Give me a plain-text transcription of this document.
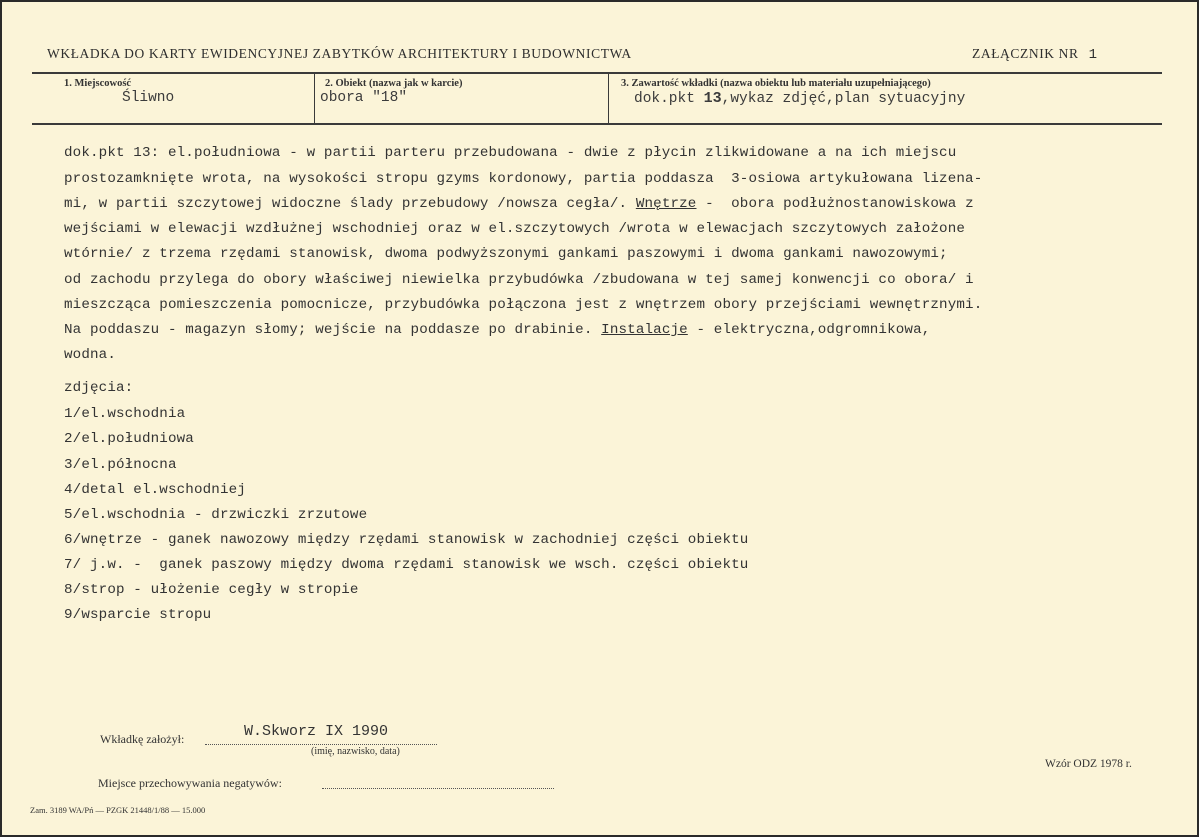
WKŁADKA DO KARTY EWIDENCYJNEJ ZABYTKÓW ARCHITEKTURY I BUDOWNICTWA	ZAŁĄCZNIK NR 1
1. Miejscowość
Śliwno
2. Obiekt (nazwa jak w karcie)
obora "18"
3. Zawartość wkładki (nazwa obiektu lub materiału uzupełniającego)
dok.pkt 13,wykaz zdjęć,plan sytuacyjny
dok.pkt 13: el.południowa - w partii parteru przebudowana - dwie z płycin zlikwidowane a na ich miejscu
prostozamknięte wrota, na wysokości stropu gzyms kordonowy, partia poddasza  3-osiowa artykułowana lizena-
mi, w partii szczytowej widoczne ślady przebudowy /nowsza cegła/. Wnętrze -  obora podłużnostanowiskowa z
wejściami w elewacji wzdłużnej wschodniej oraz w el.szczytowych /wrota w elewacjach szczytowych założone
wtórnie/ z trzema rzędami stanowisk, dwoma podwyższonymi gankami paszowymi i dwoma gankami nawozowymi;
od zachodu przylega do obory właściwej niewielka przybudówka /zbudowana w tej samej konwencji co obora/ i
mieszcząca pomieszczenia pomocnicze, przybudówka połączona jest z wnętrzem obory przejściami wewnętrznymi.
Na poddaszu - magazyn słomy; wejście na poddasze po drabinie. Instalacje - elektryczna,odgromnikowa,
wodna.
zdjęcia:
1/el.wschodnia
2/el.południowa
3/el.północna
4/detal el.wschodniej
5/el.wschodnia - drzwiczki zrzutowe
6/wnętrze - ganek nawozowy między rzędami stanowisk w zachodniej części obiektu
7/ j.w. -  ganek paszowy między dwoma rzędami stanowisk we wsch. części obiektu
8/strop - ułożenie cegły w stropie
9/wsparcie stropu
Wkładkę założył:	W.Skworz IX 1990
(imię, nazwisko, data)
Wzór ODZ 1978 r.
Miejsce przechowywania negatywów:
Zam. 3189 WA/Pń — PZGK 21448/1/88 — 15.000
